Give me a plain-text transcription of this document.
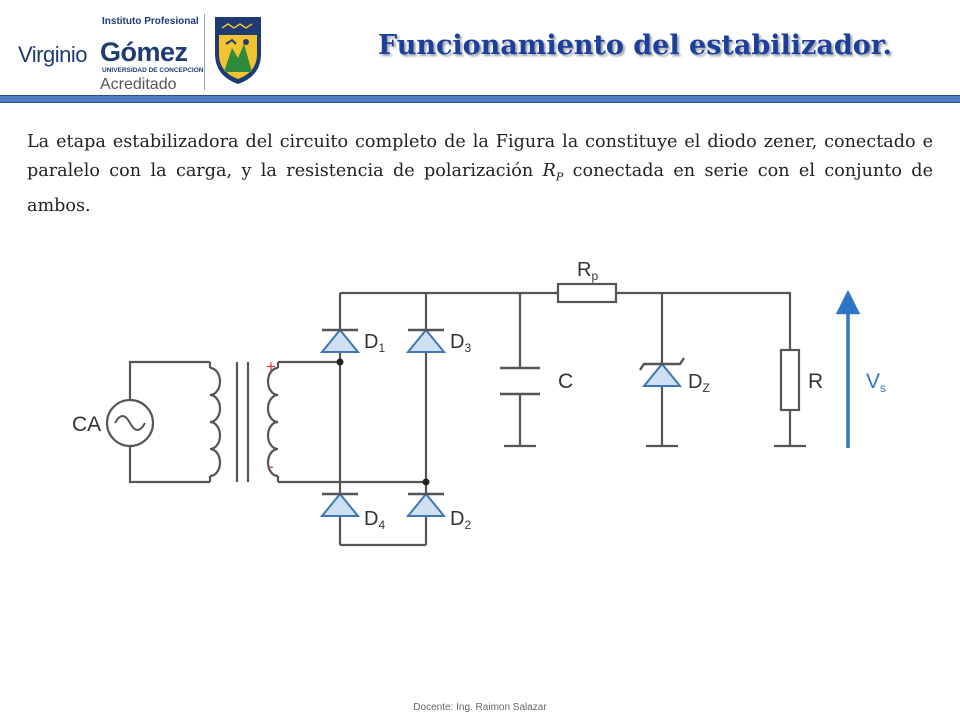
Instituto Profesional
Virginio Gómez
UNIVERSIDAD DE CONCEPCION
Acreditado
Funcionamiento del estabilizador.

La etapa estabilizadora del circuito completo de la Figura la constituye el diodo zener, conectado e paralelo con la carga, y la resistencia de polarización $R_P$ conectada en serie con el conjunto de ambos.

CA
+
-
$D_1$	$D_3$
$D_4$	$D_2$
$R_p$
C	$D_Z$	R Vs
Docente: Ing. Raimon Salazar
